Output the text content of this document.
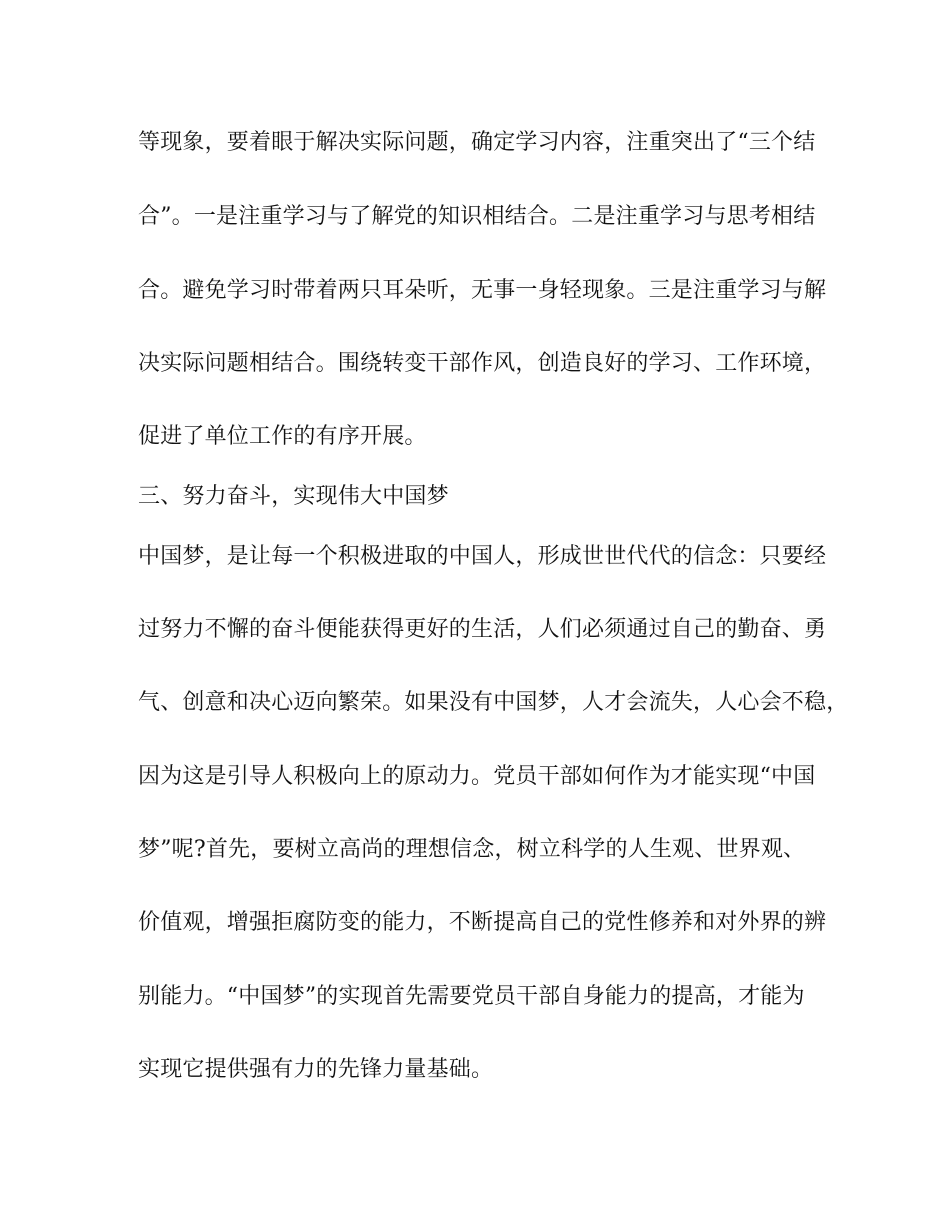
等现象，要着眼于解决实际问题，确定学习内容，注重突出了“三个结
合”。一是注重学习与了解党的知识相结合。二是注重学习与思考相结
合。避免学习时带着两只耳朵听，无事一身轻现象。三是注重学习与解
决实际问题相结合。围绕转变干部作风，创造良好的学习、工作环境，
促进了单位工作的有序开展。
三、努力奋斗，实现伟大中国梦
中国梦，是让每一个积极进取的中国人，形成世世代代的信念：只要经
过努力不懈的奋斗便能获得更好的生活，人们必须通过自己的勤奋、勇
气、创意和决心迈向繁荣。如果没有中国梦，人才会流失，人心会不稳，
因为这是引导人积极向上的原动力。党员干部如何作为才能实现“中国
梦”呢?首先，要树立高尚的理想信念，树立科学的人生观、世界观、
价值观，增强拒腐防变的能力，不断提高自己的党性修养和对外界的辨
别能力。“中国梦”的实现首先需要党员干部自身能力的提高，才能为
实现它提供强有力的先锋力量基础。
